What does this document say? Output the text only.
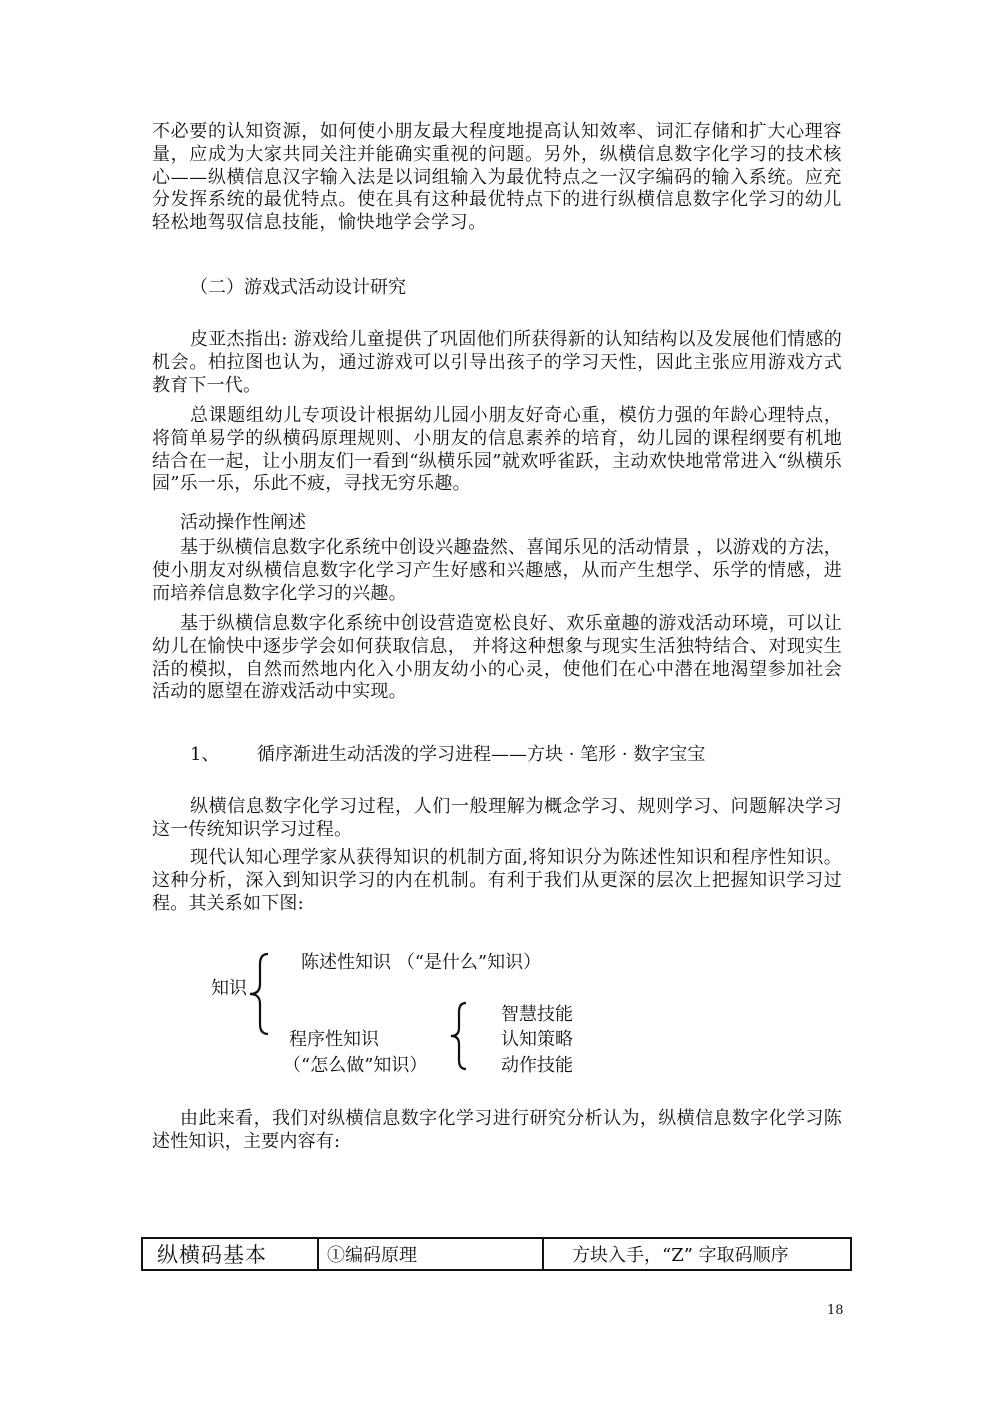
不必要的认知资源，如何使小朋友最大程度地提高认知效率、词汇存储和扩大心理容量，应成为大家共同关注并能确实重视的问题。另外，纵横信息数字化学习的技术核心——纵横信息汉字输入法是以词组输入为最优特点之一汉字编码的输入系统。应充分发挥系统的最优特点。使在具有这种最优特点下的进行纵横信息数字化学习的幼儿轻松地驾驭信息技能，愉快地学会学习。
（二）游戏式活动设计研究
皮亚杰指出: 游戏给儿童提供了巩固他们所获得新的认知结构以及发展他们情感的机会。柏拉图也认为，通过游戏可以引导出孩子的学习天性，因此主张应用游戏方式教育下一代。
总课题组幼儿专项设计根据幼儿园小朋友好奇心重，模仿力强的年龄心理特点，将简单易学的纵横码原理规则、小朋友的信息素养的培育，幼儿园的课程纲要有机地结合在一起，让小朋友们一看到“纵横乐园”就欢呼雀跃，主动欢快地常常进入“纵横乐园”乐一乐，乐此不疲，寻找无穷乐趣。
活动操作性阐述
基于纵横信息数字化系统中创设兴趣盎然、喜闻乐见的活动情景 ，以游戏的方法，使小朋友对纵横信息数字化学习产生好感和兴趣感，从而产生想学、乐学的情感，进而培养信息数字化学习的兴趣。
基于纵横信息数字化系统中创设营造宽松良好、欢乐童趣的游戏活动环境，可以让幼儿在愉快中逐步学会如何获取信息， 并将这种想象与现实生活独特结合、对现实生活的模拟，自然而然地内化入小朋友幼小的心灵，使他们在心中潜在地渴望参加社会活动的愿望在游戏活动中实现。
1、 循序渐进生动活泼的学习进程——方块 · 笔形 · 数字宝宝
纵横信息数字化学习过程，人们一般理解为概念学习、规则学习、问题解决学习这一传统知识学习过程。
现代认知心理学家从获得知识的机制方面,将知识分为陈述性知识和程序性知识。这种分析，深入到知识学习的内在机制。有利于我们从更深的层次上把握知识学习过程。其关系如下图:
知识
陈述性知识 （“是什么”知识）
程序性知识
（“怎么做”知识）
智慧技能
认知策略
动作技能
由此来看，我们对纵横信息数字化学习进行研究分析认为，纵横信息数字化学习陈述性知识，主要内容有:
纵横码基本	①编码原理	方块入手，“Z” 字取码顺序
18
